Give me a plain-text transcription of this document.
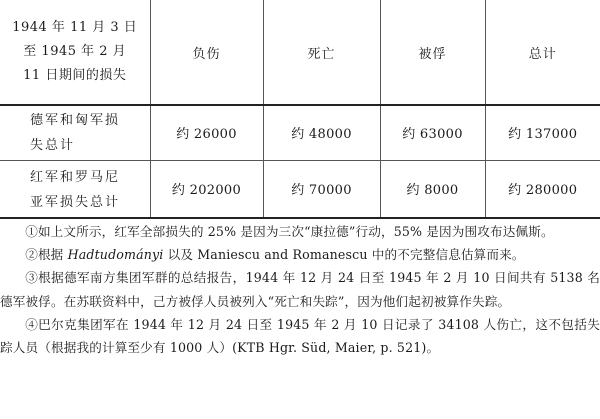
1944 年 11 月 3 日
至 1945 年 2 月
11 日期间的损失	负伤	死亡	被俘	总计

德军和匈军损
失总计	约 26000	约 48000	约 63000	约 137000

红军和罗马尼
亚军损失总计	约 202000	约 70000	约 8000	约 280000

①如上文所示，红军全部损失的 25% 是因为三次“康拉德”行动，55% 是因为围攻布达佩斯。

②根据 Hadtudományi 以及 Maniescu and Romanescu 中的不完整信息估算而来。

③根据德军南方集团军群的总结报告，1944 年 12 月 24 日至 1945 年 2 月 10 日间共有 5138 名德军被俘。在苏联资料中，己方被俘人员被列入“死亡和失踪”，因为他们起初被算作失踪。

④巴尔克集团军在 1944 年 12 月 24 日至 1945 年 2 月 10 日记录了 34108 人伤亡，这不包括失踪人员（根据我的计算至少有 1000 人）(KTB Hgr. Süd, Maier, p. 521)。
